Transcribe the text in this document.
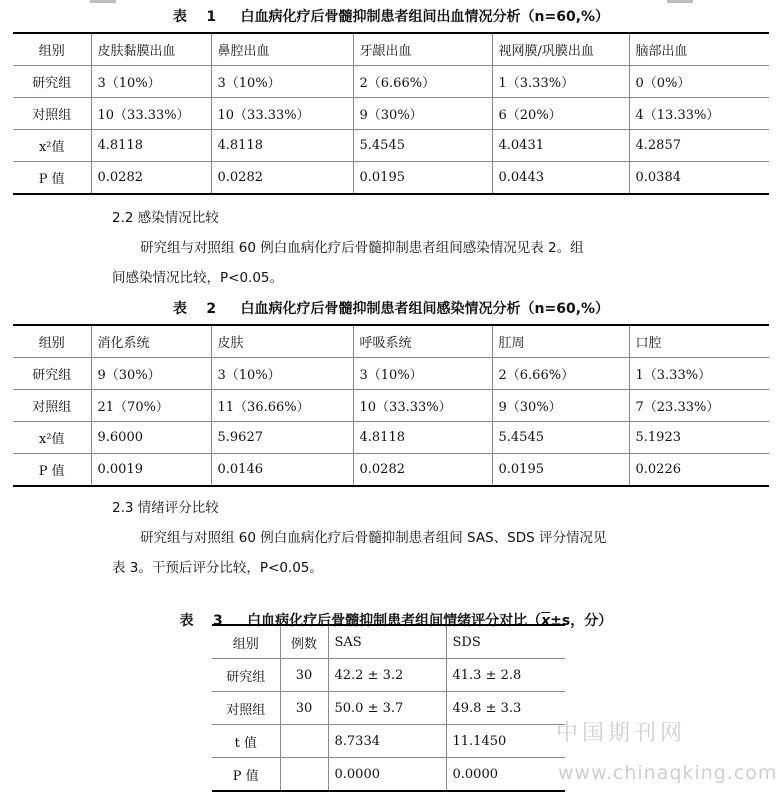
表    1     白血病化疗后骨髓抑制患者组间出血情况分析（n=60,%）
组别	皮肤黏膜出血	鼻腔出血	牙龈出血	视网膜/巩膜出血	脑部出血
研究组	3（10%）	3（10%）	2（6.66%）	1（3.33%）	0（0%）
对照组	10（33.33%）	10（33.33%）	9（30%）	6（20%）	4（13.33%）
x²值	4.8118	4.8118	5.4545	4.0431	4.2857
P 值	0.0282	0.0282	0.0195	0.0443	0.0384
2.2 感染情况比较
研究组与对照组 60 例白血病化疗后骨髓抑制患者组间感染情况见表 2。组
间感染情况比较，P<0.05。
表    2     白血病化疗后骨髓抑制患者组间感染情况分析（n=60,%）
组别	消化系统	皮肤	呼吸系统	肛周	口腔
研究组	9（30%）	3（10%）	3（10%）	2（6.66%）	1（3.33%）
对照组	21（70%）	11（36.66%）	10（33.33%）	9（30%）	7（23.33%）
x²值	9.6000	5.9627	4.8118	5.4545	5.1923
P 值	0.0019	0.0146	0.0282	0.0195	0.0226
2.3 情绪评分比较
研究组与对照组 60 例白血病化疗后骨髓抑制患者组间 SAS、SDS 评分情况见
表 3。干预后评分比较，P<0.05。

表    3     白血病化疗后骨髓抑制患者组间情绪评分对比（$\overline{x}\pm s$，分）

组别	例数	SAS	SDS
研究组	30	42.2 ± 3.2	41.3 ± 2.8
对照组	30	50.0 ± 3.7	49.8 ± 3.3
t 值		8.7334	11.1450
P 值		0.0000	0.0000
中国期刊网
www.chinaqking.com
